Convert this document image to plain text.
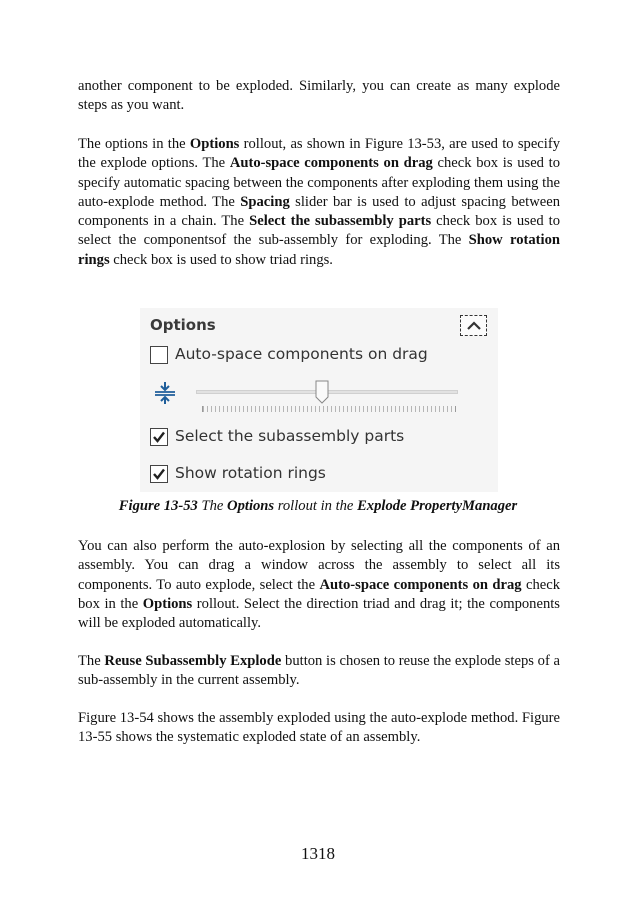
another component to be exploded. Similarly, you can create as many explode steps as you want.

The options in the Options rollout, as shown in Figure 13-53, are used to specify the explode options. The Auto-space components on drag check box is used to specify automatic spacing between the components after exploding them using the auto-explode method. The Spacing slider bar is used to adjust spacing between components in a chain. The Select the subassembly parts check box is used to select the componentsof the sub-assembly for exploding. The Show rotation rings check box is used to show triad rings.

Options
Auto-space components on drag
Select the subassembly parts
Show rotation rings
Figure 13-53 The Options rollout in the Explode PropertyManager

You can also perform the auto-explosion by selecting all the components of an assembly. You can drag a window across the assembly to select all its components. To auto explode, select the Auto-space components on drag check box in the Options rollout. Select the direction triad and drag it; the components will be exploded automatically.

The Reuse Subassembly Explode button is chosen to reuse the explode steps of a sub-assembly in the current assembly.

Figure 13-54 shows the assembly exploded using the auto-explode method. Figure 13-55 shows the systematic exploded state of an assembly.

1318
